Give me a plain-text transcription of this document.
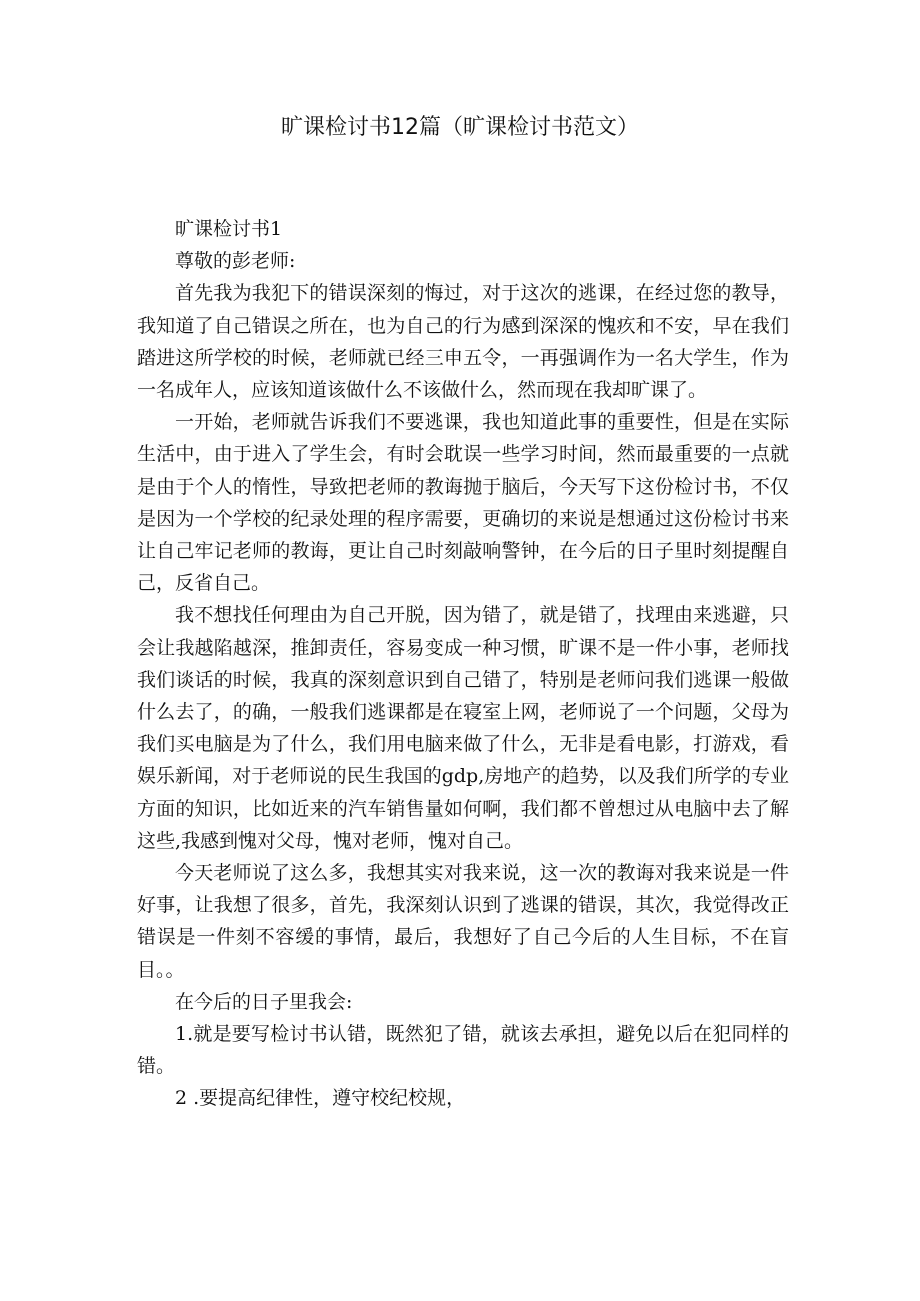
旷课检讨书12篇（旷课检讨书范文）

旷课检讨书1

尊敬的彭老师:

首先我为我犯下的错误深刻的悔过，对于这次的逃课，在经过您的教导，我知道了自己错误之所在，也为自己的行为感到深深的愧疚和不安，早在我们踏进这所学校的时候，老师就已经三申五令，一再强调作为一名大学生，作为一名成年人，应该知道该做什么不该做什么，然而现在我却旷课了。

一开始，老师就告诉我们不要逃课，我也知道此事的重要性，但是在实际生活中，由于进入了学生会，有时会耽误一些学习时间，然而最重要的一点就是由于个人的惰性，导致把老师的教诲抛于脑后，今天写下这份检讨书，不仅是因为一个学校的纪录处理的程序需要，更确切的来说是想通过这份检讨书来让自己牢记老师的教诲，更让自己时刻敲响警钟，在今后的日子里时刻提醒自己，反省自己。

我不想找任何理由为自己开脱，因为错了，就是错了，找理由来逃避，只会让我越陷越深，推卸责任，容易变成一种习惯，旷课不是一件小事，老师找我们谈话的时候，我真的深刻意识到自己错了，特别是老师问我们逃课一般做什么去了，的确，一般我们逃课都是在寝室上网，老师说了一个问题，父母为我们买电脑是为了什么，我们用电脑来做了什么，无非是看电影，打游戏，看娱乐新闻，对于老师说的民生我国的gdp,房地产的趋势，以及我们所学的专业方面的知识，比如近来的汽车销售量如何啊，我们都不曾想过从电脑中去了解这些,我感到愧对父母，愧对老师，愧对自己。

今天老师说了这么多，我想其实对我来说，这一次的教诲对我来说是一件好事，让我想了很多，首先，我深刻认识到了逃课的错误，其次，我觉得改正错误是一件刻不容缓的事情，最后，我想好了自己今后的人生目标，不在盲目。。

在今后的日子里我会:

1.就是要写检讨书认错，既然犯了错，就该去承担，避免以后在犯同样的错。

2 .要提高纪律性，遵守校纪校规，
